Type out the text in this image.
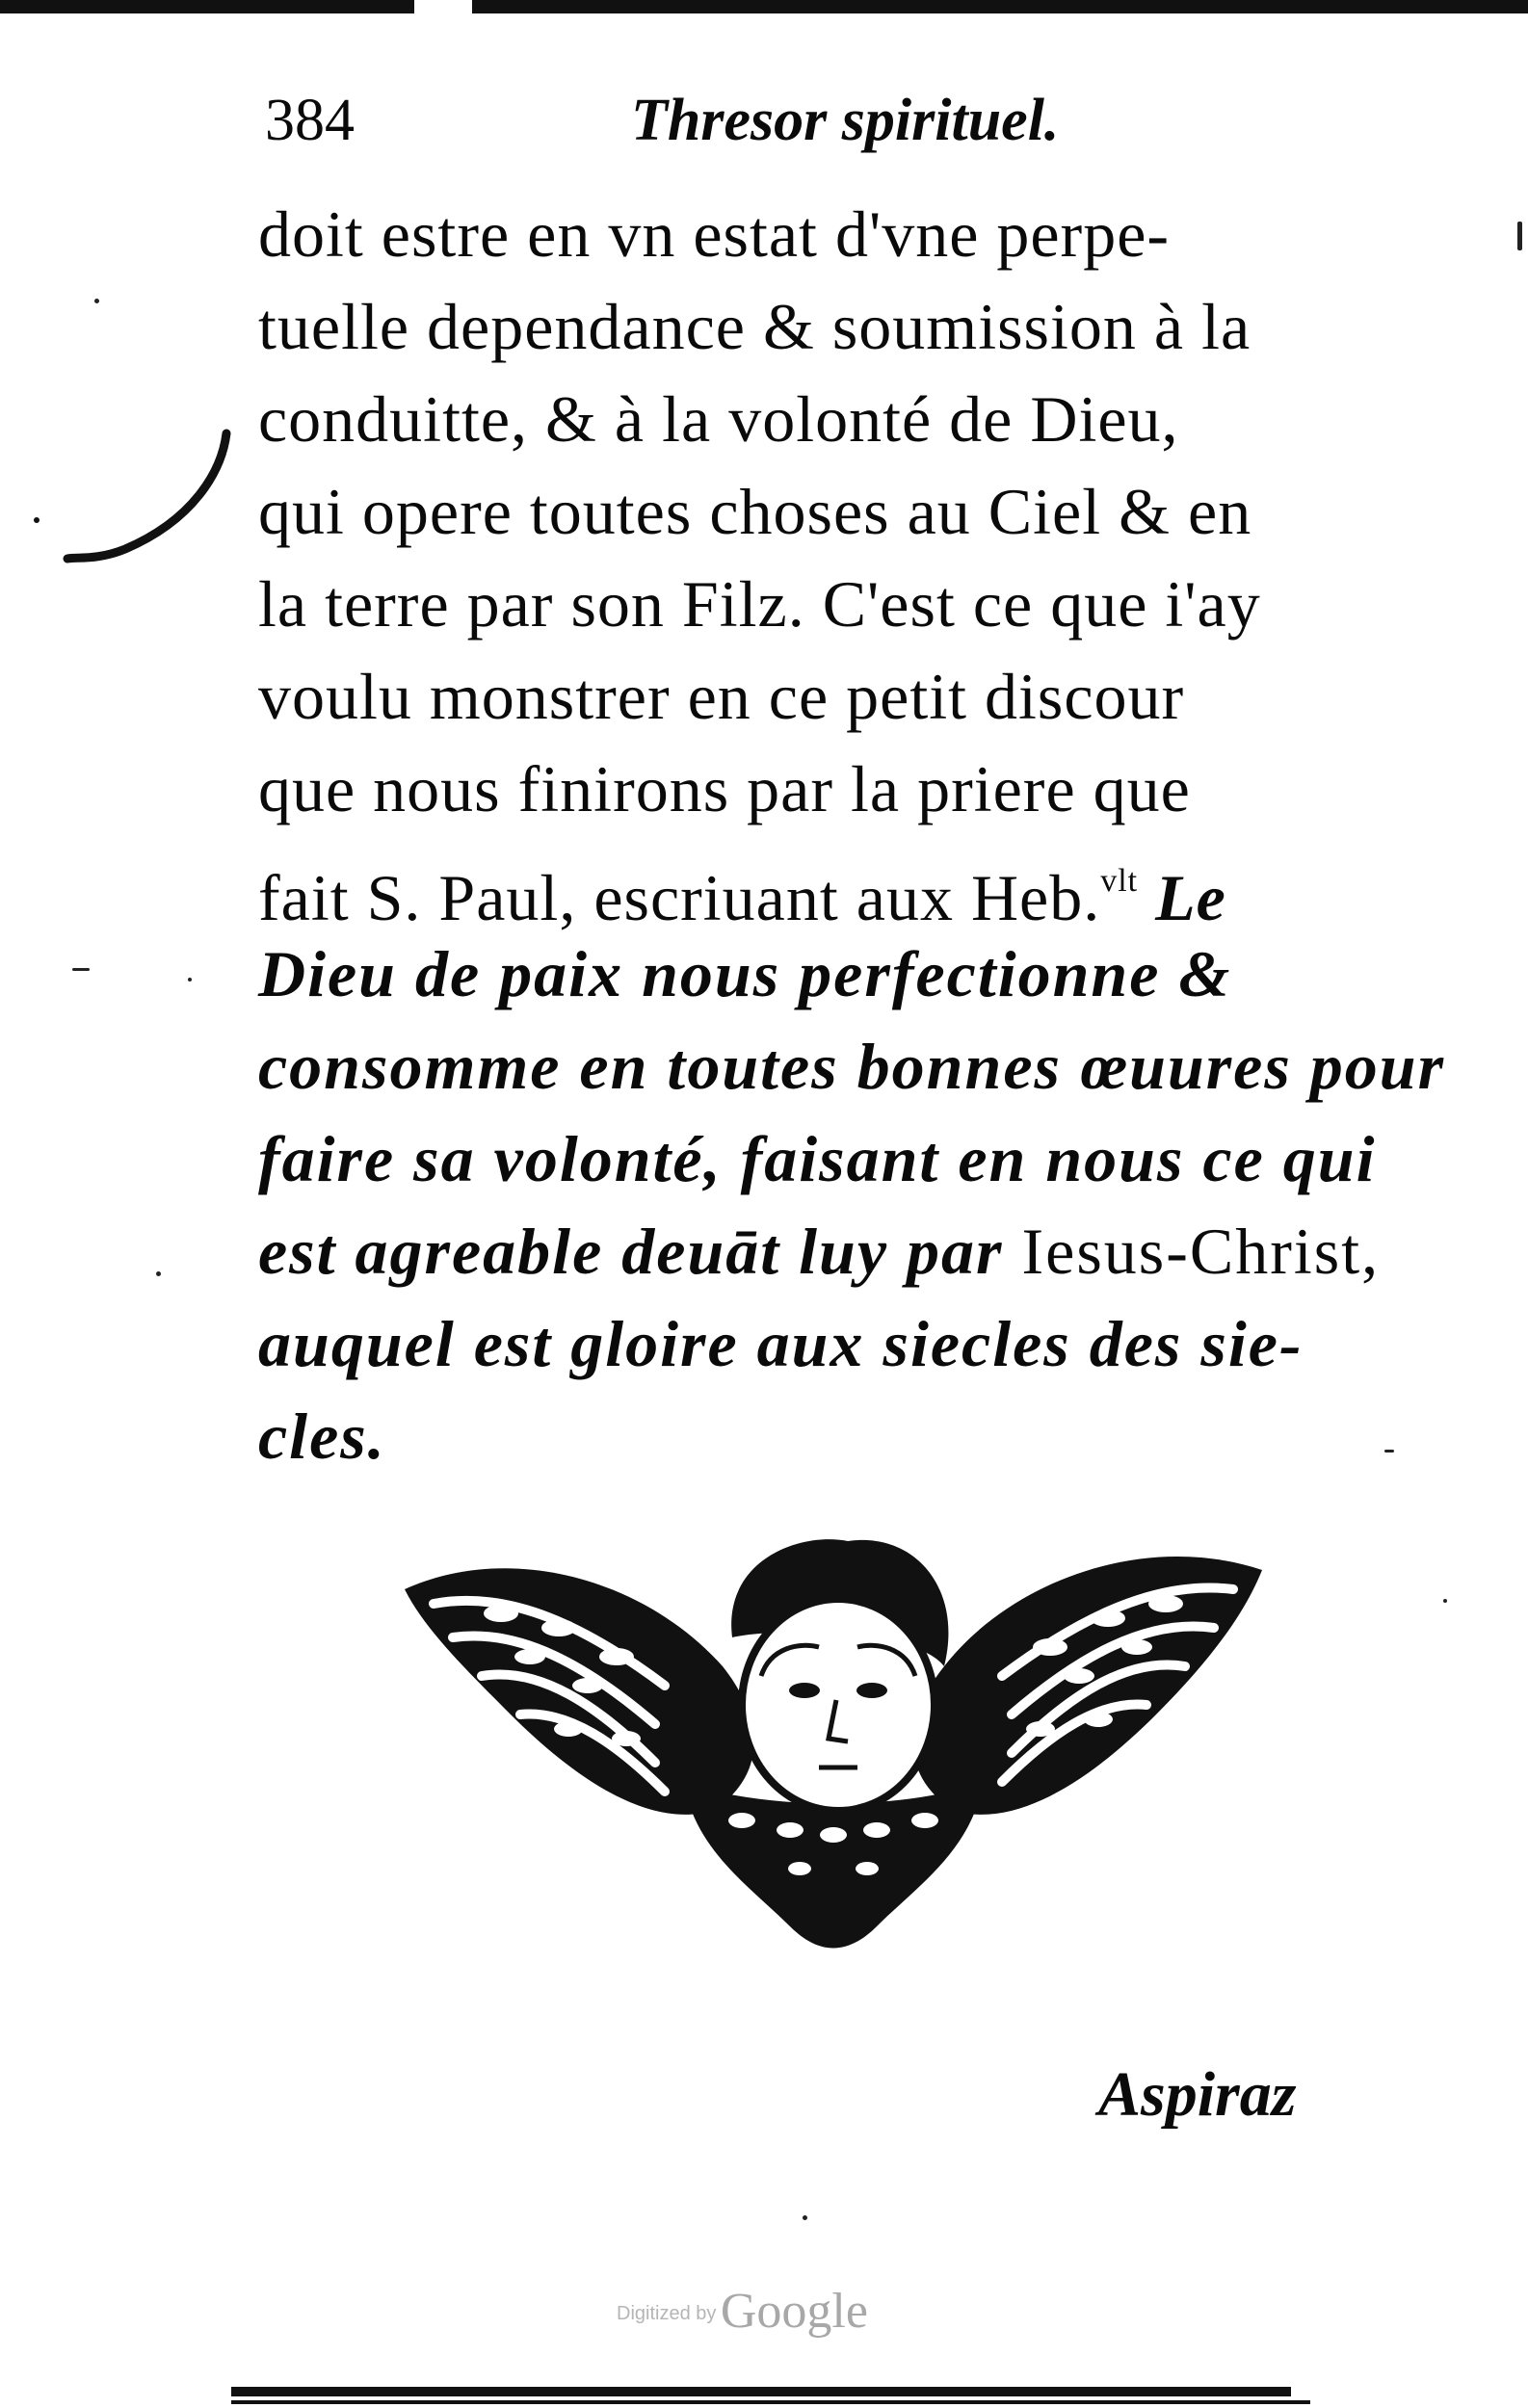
384	Thresor spirituel.
doit estre en vn estat d'vne perpe-
tuelle dependance & soumission à la
conduitte, & à la volonté de Dieu,
qui opere toutes choses au Ciel & en
la terre par son Filz. C'est ce que i'ay
voulu monstrer en ce petit discour
que nous finirons par la priere que
fait S. Paul, escriuant aux Heb.$^{vlt}$ Le
Dieu de paix nous perfectionne &
consomme en toutes bonnes œuures pour
faire sa volonté, faisant en nous ce qui
est agreable deuāt luy par Iesus-Christ,
auquel est gloire aux siecles des sie-
cles.
Aspiraz
Digitized by Google
